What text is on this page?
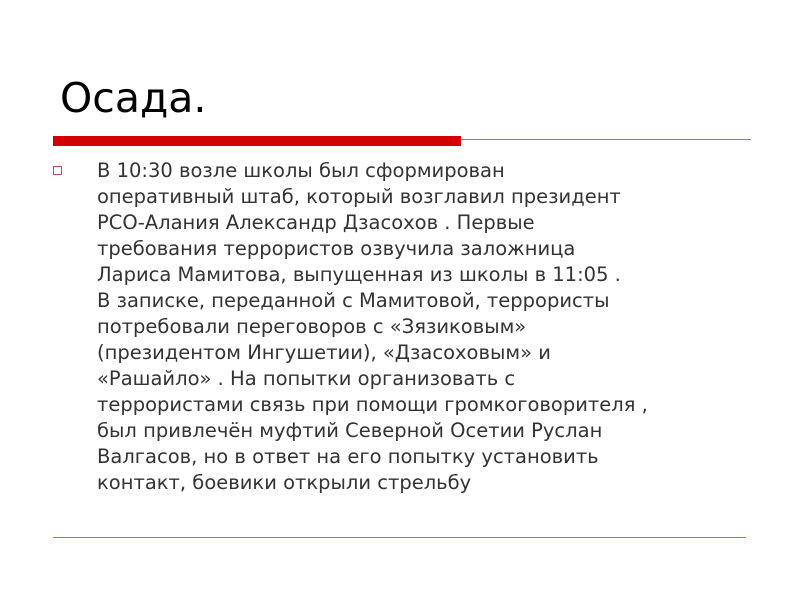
Осада.

В 10:30 возле школы был сформирован
оперативный штаб, который возглавил президент
РСО-Алания Александр Дзасохов . Первые
требования террористов озвучила заложница
Лариса Мамитова, выпущенная из школы в 11:05 .
В записке, переданной с Мамитовой, террористы
потребовали переговоров с «Зязиковым»
(президентом Ингушетии), «Дзасоховым» и
«Рашайло» . На попытки организовать с
террористами связь при помощи громкоговорителя ,
был привлечён муфтий Северной Осетии Руслан
Валгасов, но в ответ на его попытку установить
контакт, боевики открыли стрельбу
